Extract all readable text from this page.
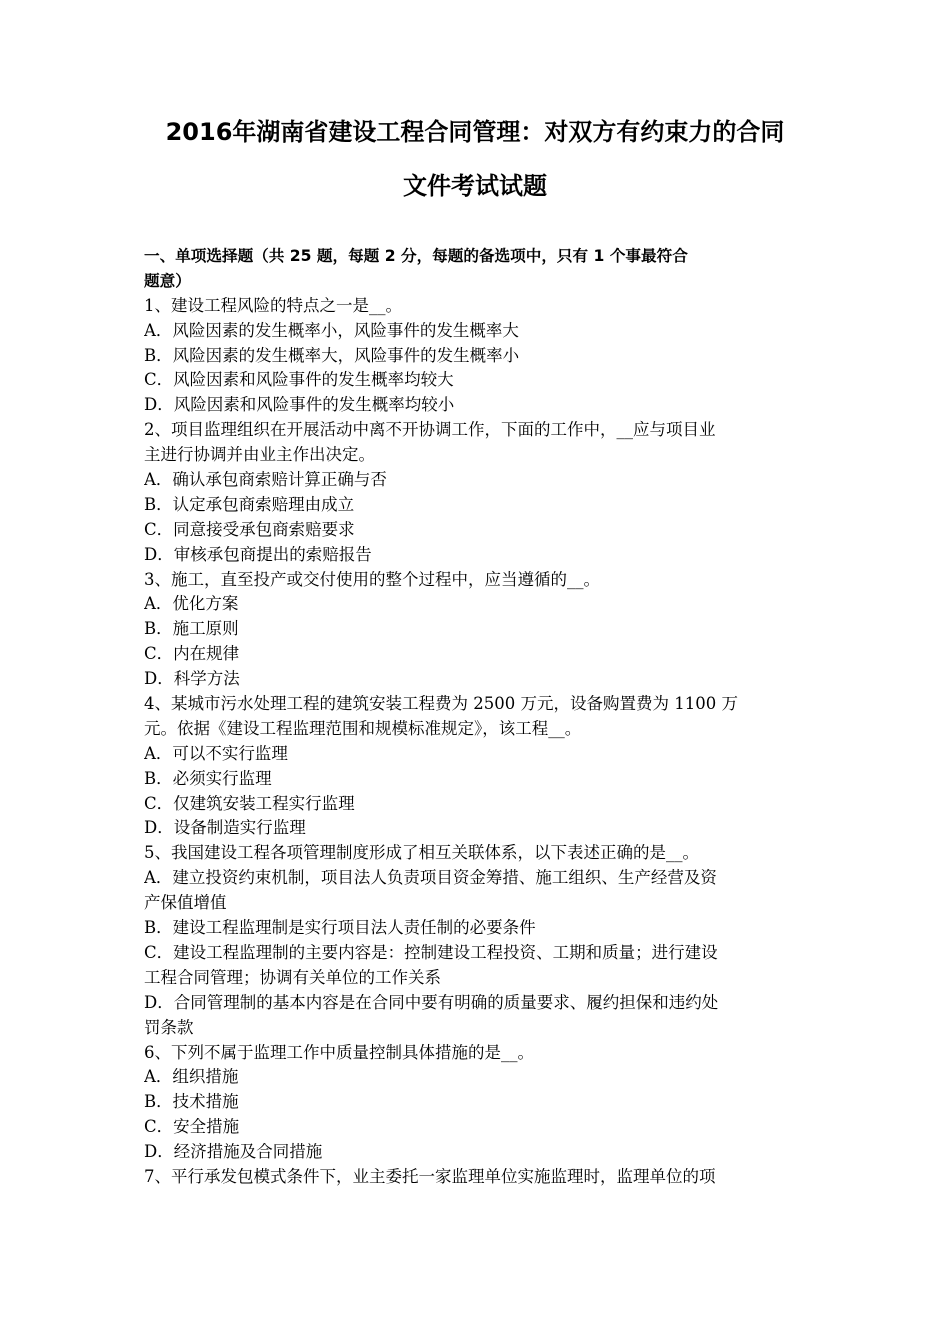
2016年湖南省建设工程合同管理：对双方有约束力的合同
文件考试试题
一、单项选择题（共 25 题，每题 2 分，每题的备选项中，只有 1 个事最符合
题意）
1、建设工程风险的特点之一是__。
A．风险因素的发生概率小，风险事件的发生概率大
B．风险因素的发生概率大，风险事件的发生概率小
C．风险因素和风险事件的发生概率均较大
D．风险因素和风险事件的发生概率均较小
2、项目监理组织在开展活动中离不开协调工作，下面的工作中，__应与项目业
主进行协调并由业主作出决定。
A．确认承包商索赔计算正确与否
B．认定承包商索赔理由成立
C．同意接受承包商索赔要求
D．审核承包商提出的索赔报告
3、施工，直至投产或交付使用的整个过程中，应当遵循的__。
A．优化方案
B．施工原则
C．内在规律
D．科学方法
4、某城市污水处理工程的建筑安装工程费为 2500 万元，设备购置费为 1100 万
元。依据《建设工程监理范围和规模标准规定》，该工程__。
A．可以不实行监理
B．必须实行监理
C．仅建筑安装工程实行监理
D．设备制造实行监理
5、我国建设工程各项管理制度形成了相互关联体系，以下表述正确的是__。
A．建立投资约束机制，项目法人负责项目资金筹措、施工组织、生产经营及资
产保值增值
B．建设工程监理制是实行项目法人责任制的必要条件
C．建设工程监理制的主要内容是：控制建设工程投资、工期和质量；进行建设
工程合同管理；协调有关单位的工作关系
D．合同管理制的基本内容是在合同中要有明确的质量要求、履约担保和违约处
罚条款
6、下列不属于监理工作中质量控制具体措施的是__。
A．组织措施
B．技术措施
C．安全措施
D．经济措施及合同措施
7、平行承发包模式条件下，业主委托一家监理单位实施监理时，监理单位的项
